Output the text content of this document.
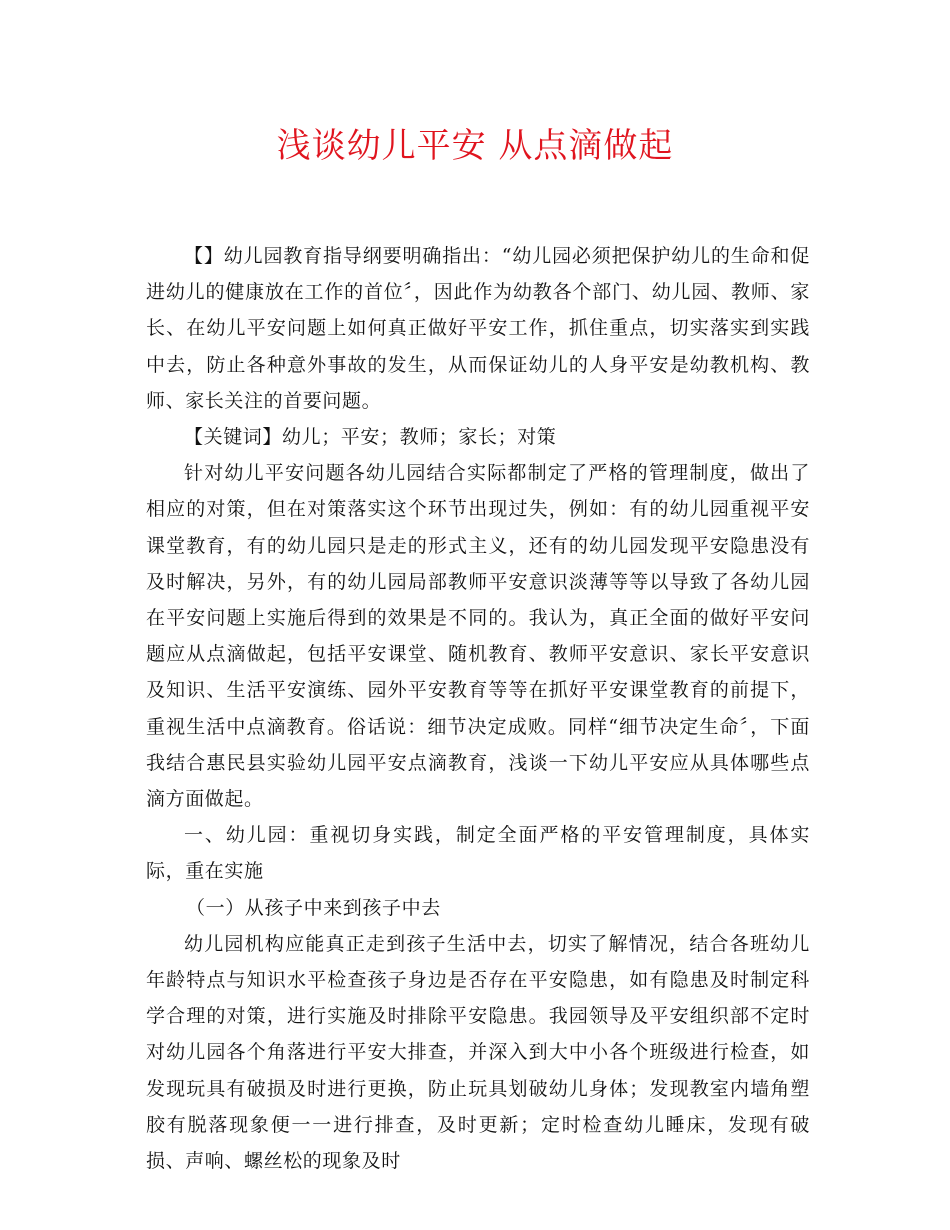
浅谈幼儿平安 从点滴做起

【】幼儿园教育指导纲要明确指出：“幼儿园必须把保护幼儿的生命和促进幼儿的健康放在工作的首位〞，因此作为幼教各个部门、幼儿园、教师、家长、在幼儿平安问题上如何真正做好平安工作，抓住重点，切实落实到实践中去，防止各种意外事故的发生，从而保证幼儿的人身平安是幼教机构、教师、家长关注的首要问题。

【关键词】幼儿；平安；教师；家长；对策

针对幼儿平安问题各幼儿园结合实际都制定了严格的管理制度，做出了相应的对策，但在对策落实这个环节出现过失，例如：有的幼儿园重视平安课堂教育，有的幼儿园只是走的形式主义，还有的幼儿园发现平安隐患没有及时解决，另外，有的幼儿园局部教师平安意识淡薄等等以导致了各幼儿园在平安问题上实施后得到的效果是不同的。我认为，真正全面的做好平安问题应从点滴做起，包括平安课堂、随机教育、教师平安意识、家长平安意识及知识、生活平安演练、园外平安教育等等在抓好平安课堂教育的前提下，重视生活中点滴教育。俗话说：细节决定成败。同样“细节决定生命〞，下面我结合惠民县实验幼儿园平安点滴教育，浅谈一下幼儿平安应从具体哪些点滴方面做起。

一、幼儿园：重视切身实践，制定全面严格的平安管理制度，具体实际，重在实施

（一）从孩子中来到孩子中去

幼儿园机构应能真正走到孩子生活中去，切实了解情况，结合各班幼儿年龄特点与知识水平检查孩子身边是否存在平安隐患，如有隐患及时制定科学合理的对策，进行实施及时排除平安隐患。我园领导及平安组织部不定时对幼儿园各个角落进行平安大排查，并深入到大中小各个班级进行检查，如发现玩具有破损及时进行更换，防止玩具划破幼儿身体；发现教室内墙角塑胶有脱落现象便一一进行排查，及时更新；定时检查幼儿睡床，发现有破损、声响、螺丝松的现象及时
